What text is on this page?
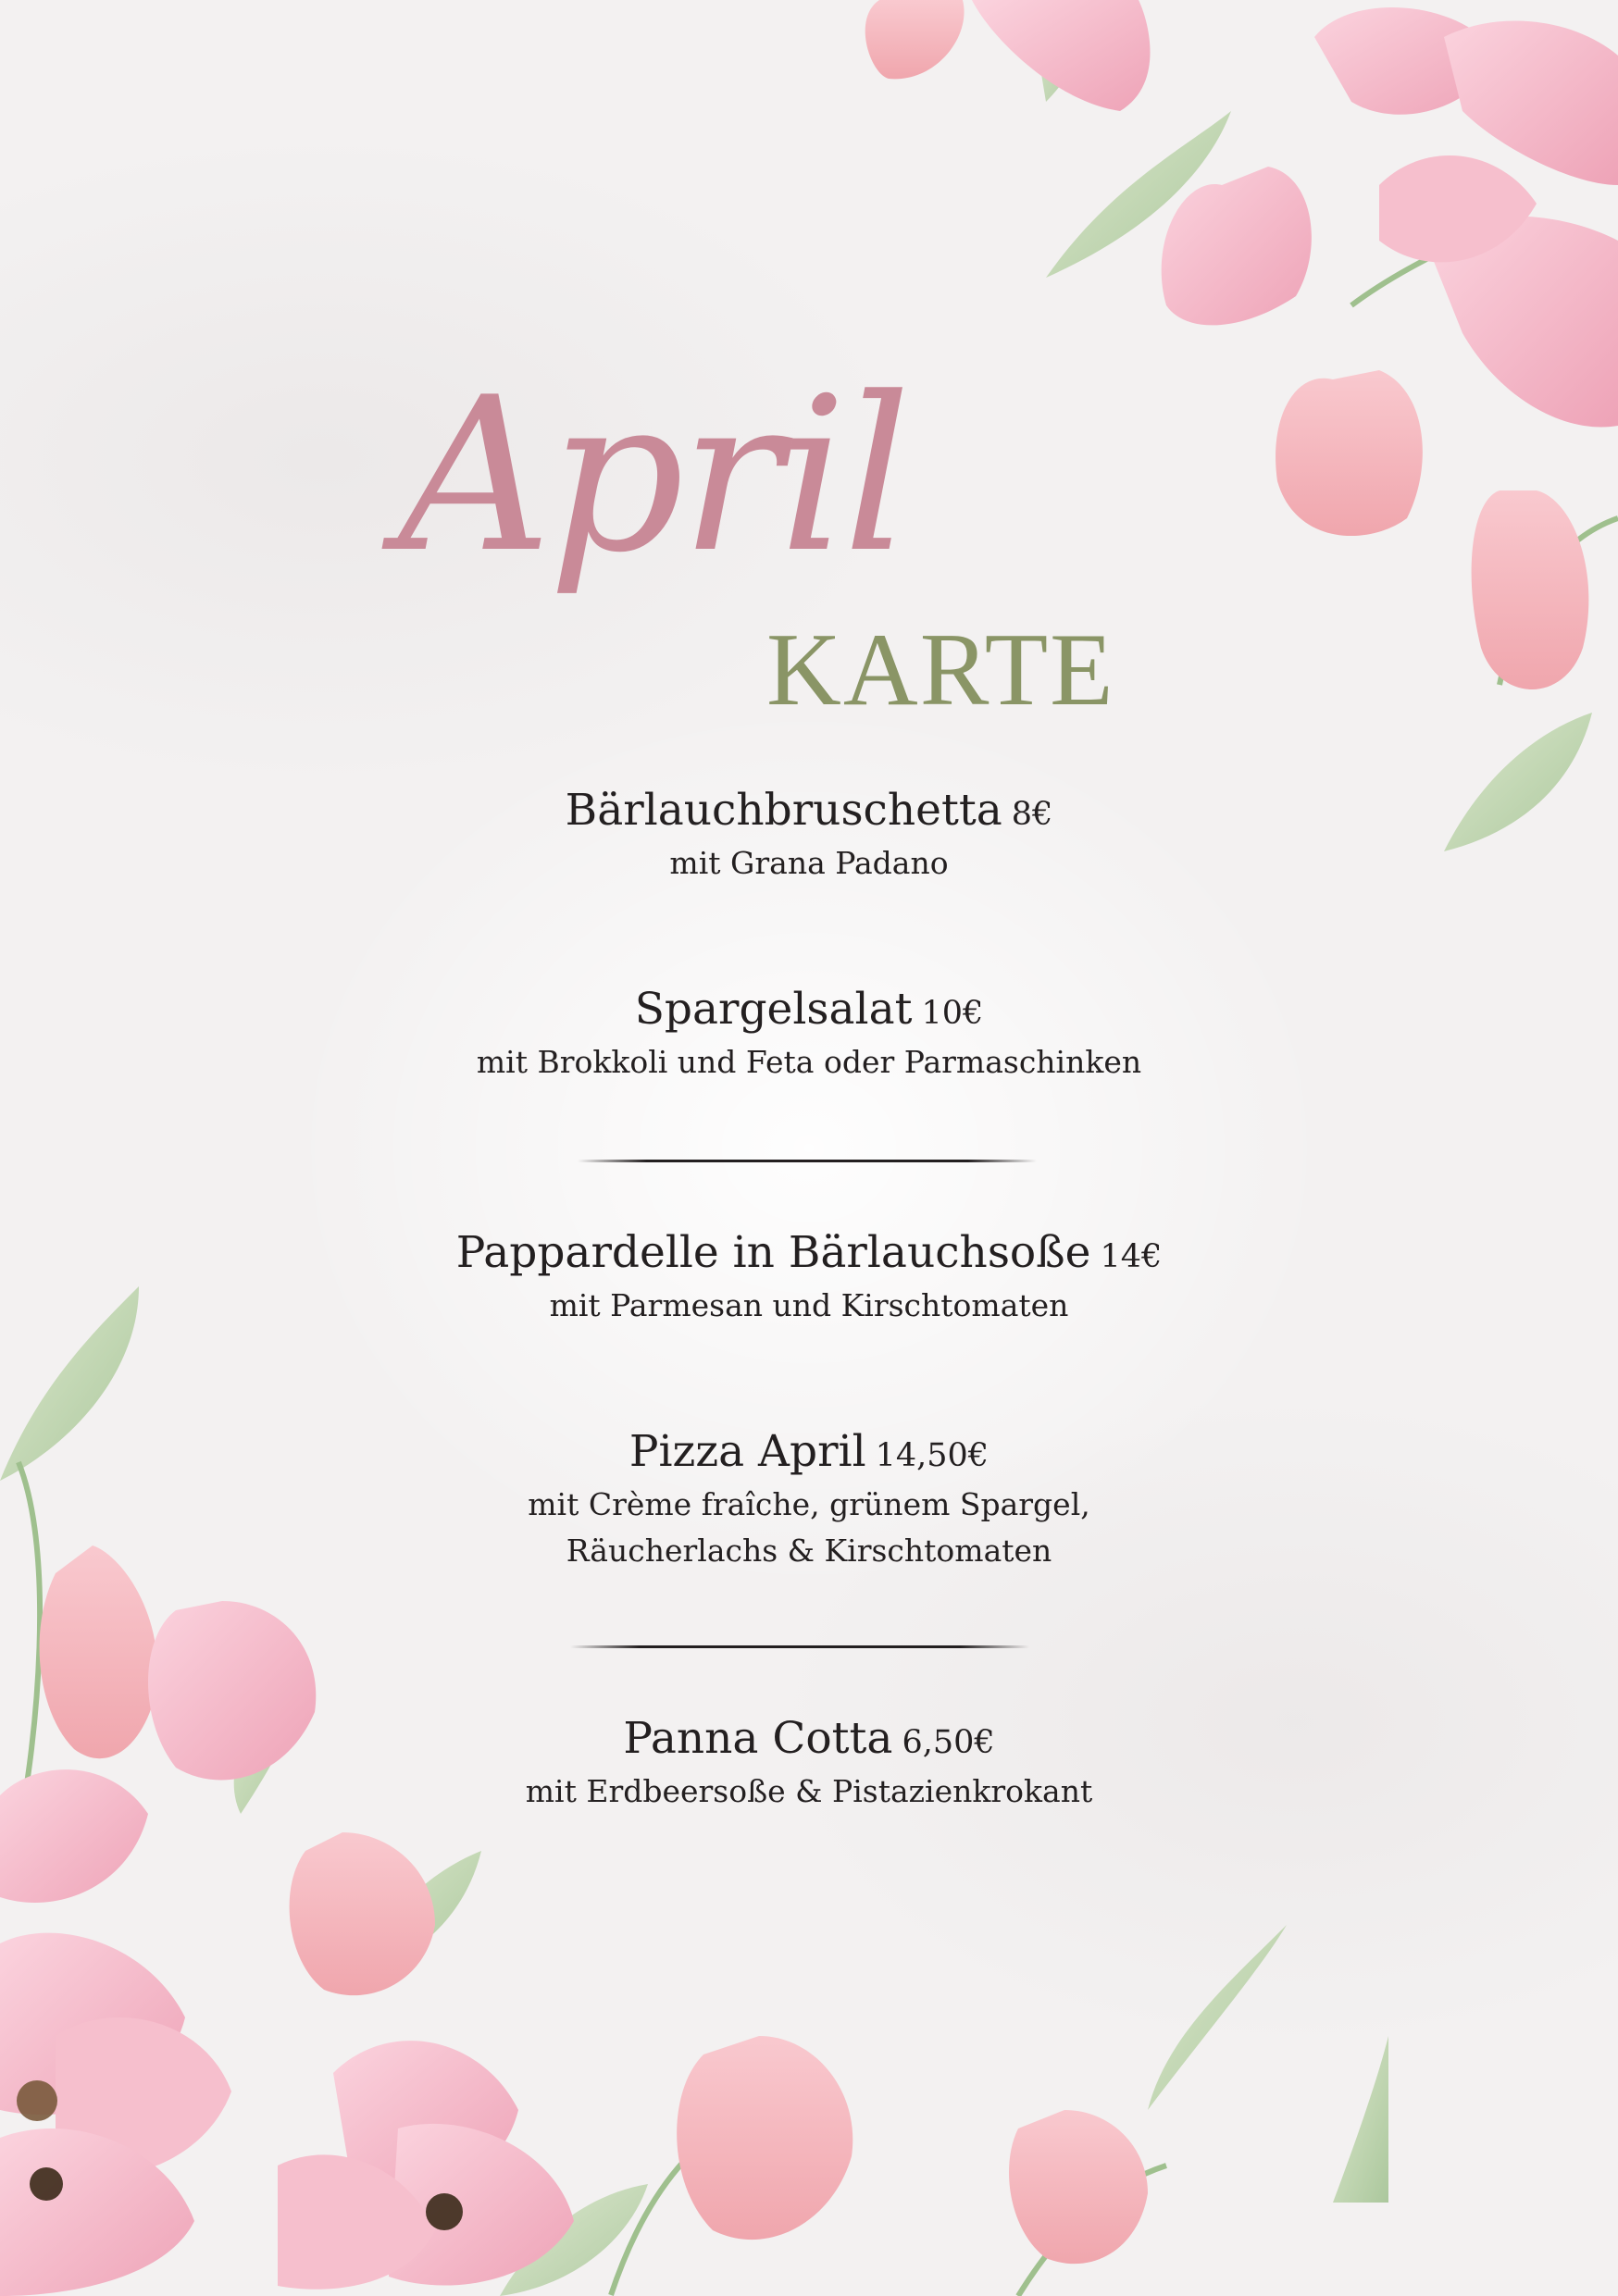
April
KARTE
Bärlauchbruschetta 8€
mit Grana Padano
Spargelsalat 10€
mit Brokkoli und Feta oder Parmaschinken
Pappardelle in Bärlauchsoße 14€
mit Parmesan und Kirschtomaten
Pizza April 14,50€
mit Crème fraîche, grünem Spargel,
Räucherlachs & Kirschtomaten
Panna Cotta 6,50€
mit Erdbeersoße & Pistazienkrokant
